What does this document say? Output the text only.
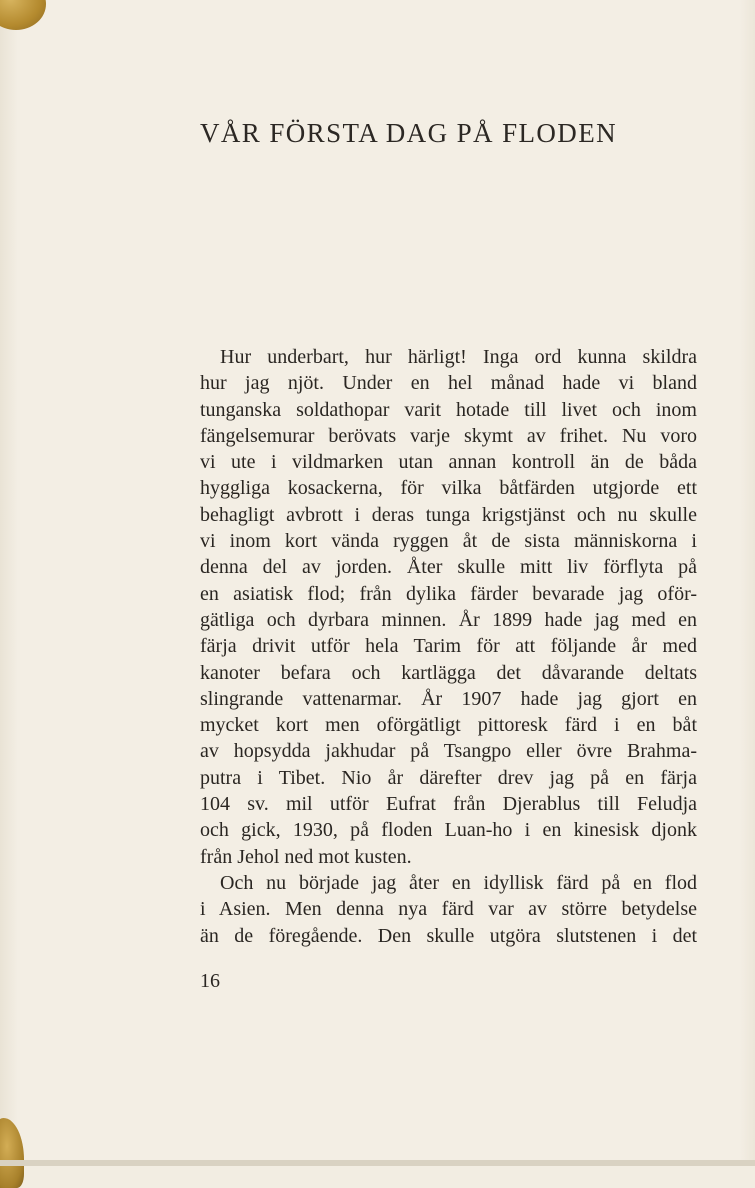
VÅR FÖRSTA DAG PÅ FLODEN
Hur underbart, hur härligt! Inga ord kunna skildra
hur jag njöt. Under en hel månad hade vi bland
tunganska soldathopar varit hotade till livet och inom
fängelsemurar berövats varje skymt av frihet. Nu voro
vi ute i vildmarken utan annan kontroll än de båda
hyggliga kosackerna, för vilka båtfärden utgjorde ett
behagligt avbrott i deras tunga krigstjänst och nu skulle
vi inom kort vända ryggen åt de sista människorna i
denna del av jorden. Åter skulle mitt liv förflyta på
en asiatisk flod; från dylika färder bevarade jag oför-
gätliga och dyrbara minnen. År 1899 hade jag med en
färja drivit utför hela Tarim för att följande år med
kanoter befara och kartlägga det dåvarande deltats
slingrande vattenarmar. År 1907 hade jag gjort en
mycket kort men oförgätligt pittoresk färd i en båt
av hopsydda jakhudar på Tsangpo eller övre Brahma-
putra i Tibet. Nio år därefter drev jag på en färja
104 sv. mil utför Eufrat från Djerablus till Feludja
och gick, 1930, på floden Luan-ho i en kinesisk djonk
från Jehol ned mot kusten.
Och nu började jag åter en idyllisk färd på en flod
i Asien. Men denna nya färd var av större betydelse
än de föregående. Den skulle utgöra slutstenen i det
16
